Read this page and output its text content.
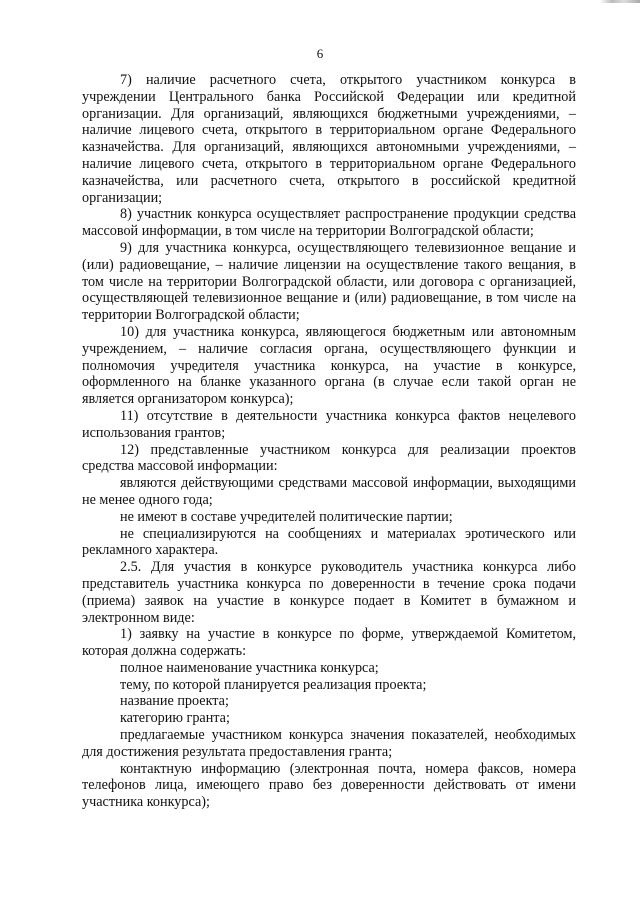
6

7) наличие расчетного счета, открытого участником конкурса в учреждении Центрального банка Российской Федерации или кредитной организации. Для организаций, являющихся бюджетными учреждениями, – наличие лицевого счета, открытого в территориальном органе Федерального казначейства. Для организаций, являющихся автономными учреждениями, – наличие лицевого счета, открытого в территориальном органе Федерального казначейства, или расчетного счета, открытого в российской кредитной организации;

8) участник конкурса осуществляет распространение продукции средства массовой информации, в том числе на территории Волгоградской области;

9) для участника конкурса, осуществляющего телевизионное вещание и (или) радиовещание, – наличие лицензии на осуществление такого вещания, в том числе на территории Волгоградской области, или договора с организацией, осуществляющей телевизионное вещание и (или) радиовещание, в том числе на территории Волгоградской области;

10) для участника конкурса, являющегося бюджетным или автономным учреждением, – наличие согласия органа, осуществляющего функции и полномочия учредителя участника конкурса, на участие в конкурсе, оформленного на бланке указанного органа (в случае если такой орган не является организатором конкурса);

11) отсутствие в деятельности участника конкурса фактов нецелевого использования грантов;

12) представленные участником конкурса для реализации проектов средства массовой информации:

являются действующими средствами массовой информации, выходящими не менее одного года;

не имеют в составе учредителей политические партии;

не специализируются на сообщениях и материалах эротического или рекламного характера.

2.5. Для участия в конкурсе руководитель участника конкурса либо представитель участника конкурса по доверенности в течение срока подачи (приема) заявок на участие в конкурсе подает в Комитет в бумажном и электронном виде:

1) заявку на участие в конкурсе по форме, утверждаемой Комитетом, которая должна содержать:

полное наименование участника конкурса;

тему, по которой планируется реализация проекта;

название проекта;

категорию гранта;

предлагаемые участником конкурса значения показателей, необходимых для достижения результата предоставления гранта;

контактную информацию (электронная почта, номера факсов, номера телефонов лица, имеющего право без доверенности действовать от имени участника конкурса);
